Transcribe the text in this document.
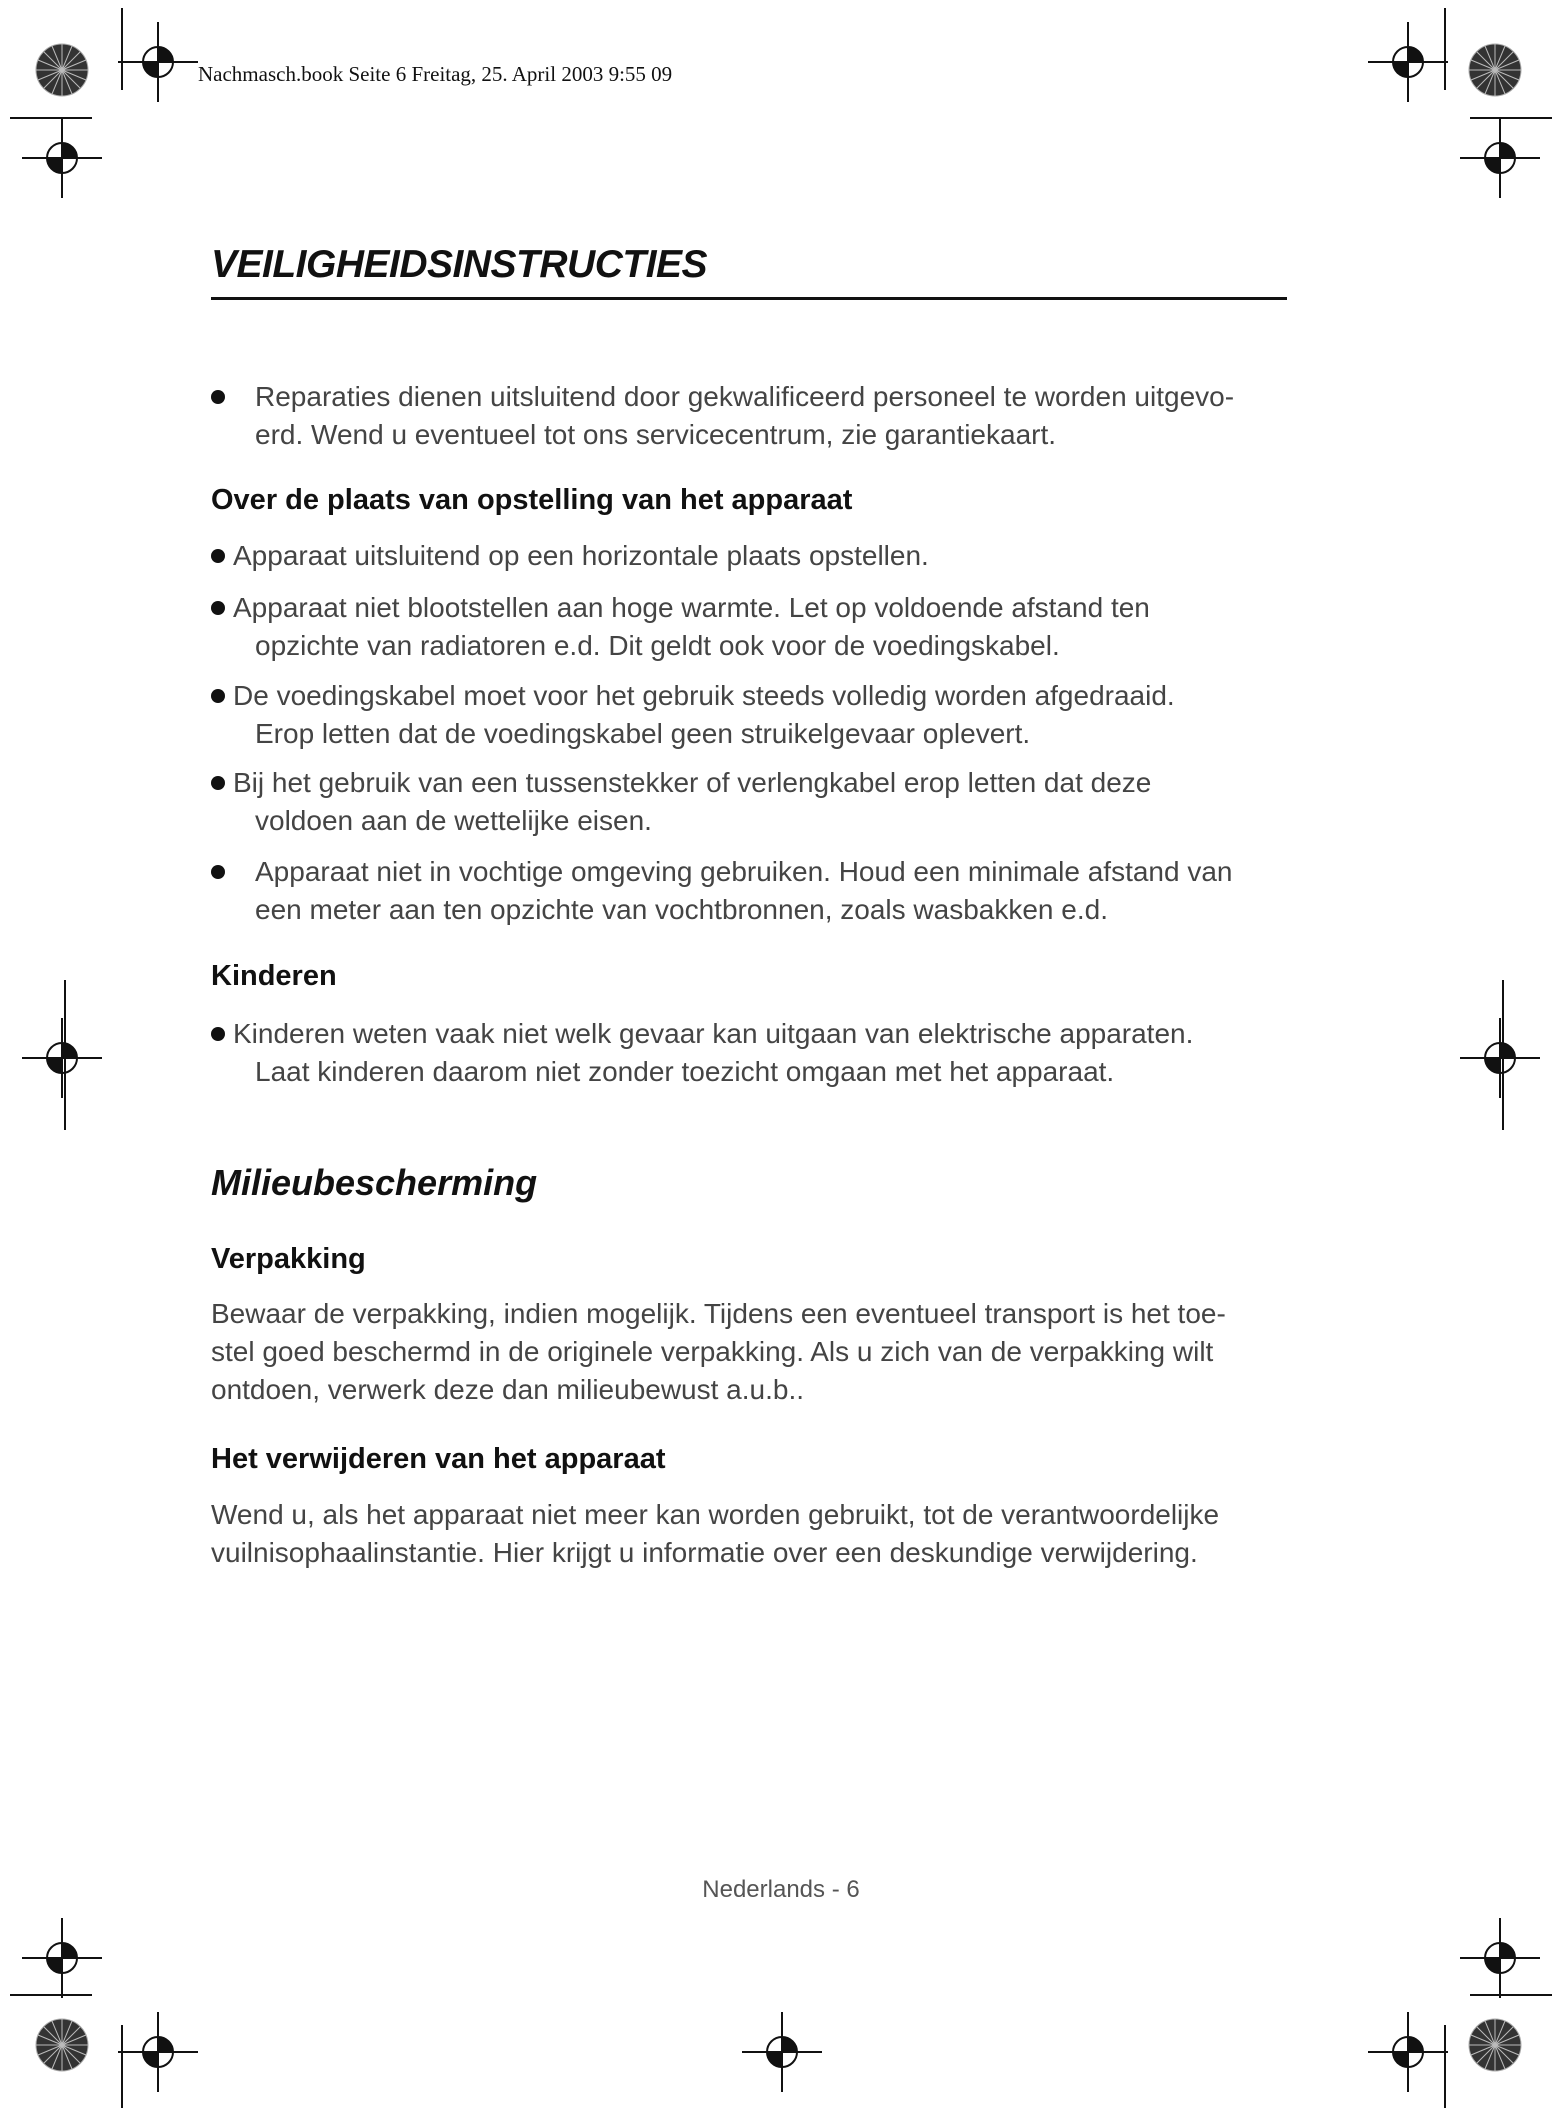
Nachmasch.book Seite 6 Freitag, 25. April 2003 9:55 09
VEILIGHEIDSINSTRUCTIES
Reparaties dienen uitsluitend door gekwalificeerd personeel te worden uitgevo-
erd. Wend u eventueel tot ons servicecentrum, zie garantiekaart.
Over de plaats van opstelling van het apparaat
Apparaat uitsluitend op een horizontale plaats opstellen.
Apparaat niet blootstellen aan hoge warmte. Let op voldoende afstand ten
opzichte van radiatoren e.d. Dit geldt ook voor de voedingskabel.
De voedingskabel moet voor het gebruik steeds volledig worden afgedraaid.
Erop letten dat de voedingskabel geen struikelgevaar oplevert.
Bij het gebruik van een tussenstekker of verlengkabel erop letten dat deze
voldoen aan de wettelijke eisen.
Apparaat niet in vochtige omgeving gebruiken. Houd een minimale afstand van
een meter aan ten opzichte van vochtbronnen, zoals wasbakken e.d.
Kinderen
Kinderen weten vaak niet welk gevaar kan uitgaan van elektrische apparaten.
Laat kinderen daarom niet zonder toezicht omgaan met het apparaat.
Milieubescherming
Verpakking
Bewaar de verpakking, indien mogelijk. Tijdens een eventueel transport is het toe-
stel goed beschermd in de originele verpakking. Als u zich van de verpakking wilt
ontdoen, verwerk deze dan milieubewust a.u.b..
Het verwijderen van het apparaat
Wend u, als het apparaat niet meer kan worden gebruikt, tot de verantwoordelijke
vuilnisophaalinstantie. Hier krijgt u informatie over een deskundige verwijdering.
Nederlands - 6
